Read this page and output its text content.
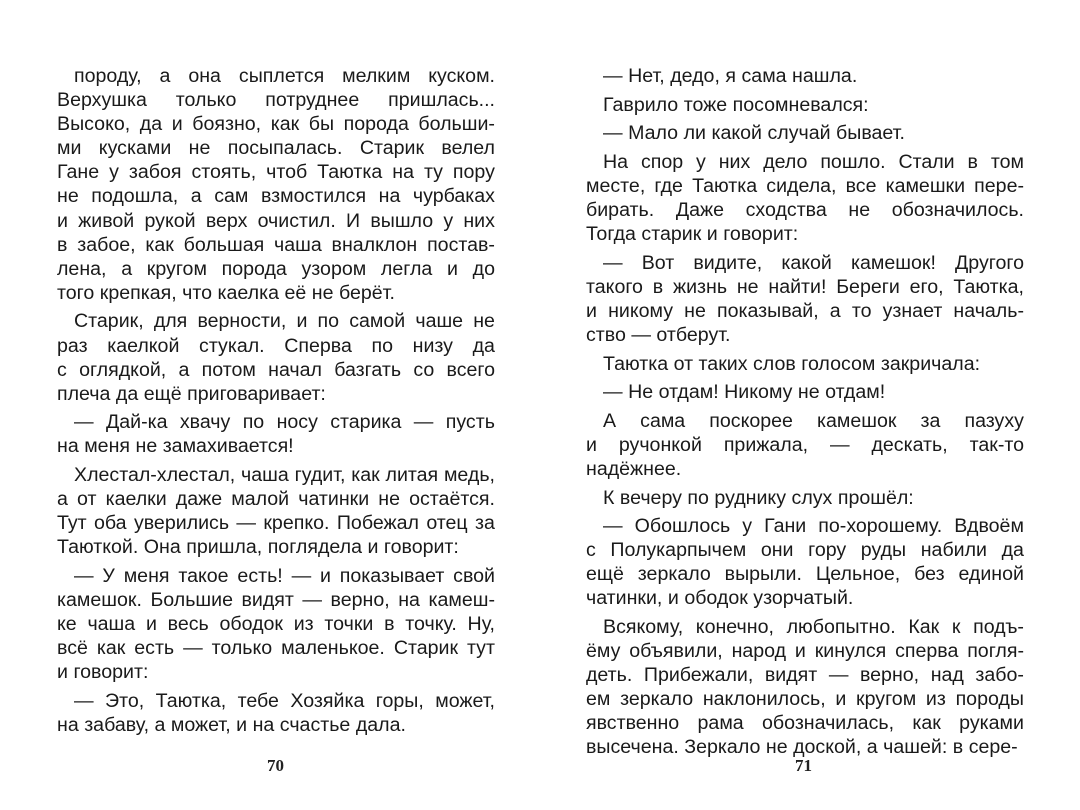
породу, а она сыплется мелким куском.
Верхушка только потруднее пришлась...
Высоко, да и боязно, как бы порода больши-
ми кусками не посыпалась. Старик велел
Гане у забоя стоять, чтоб Таютка на ту пору
не подошла, а сам взмостился на чурбаках
и живой рукой верх очистил. И вышло у них
в забое, как большая чаша вналклон постав-
лена, а кругом порода узором легла и до
того крепкая, что каелка её не берёт.
Старик, для верности, и по самой чаше не
раз каелкой стукал. Сперва по низу да
с оглядкой, а потом начал базгать со всего
плеча да ещё приговаривает:
— Дай-ка хвачу по носу старика — пусть
на меня не замахивается!
Хлестал-хлестал, чаша гудит, как литая медь,
а от каелки даже малой чатинки не остаётся.
Тут оба уверились — крепко. Побежал отец за
Таюткой. Она пришла, поглядела и говорит:
— У меня такое есть! — и показывает свой
камешок. Большие видят — верно, на камеш-
ке чаша и весь ободок из точки в точку. Ну,
всё как есть — только маленькое. Старик тут
и говорит:
— Это, Таютка, тебе Хозяйка горы, может,
на забаву, а может, и на счастье дала.
— Нет, дедо, я сама нашла.
Гаврило тоже посомневался:
— Мало ли какой случай бывает.
На спор у них дело пошло. Стали в том
месте, где Таютка сидела, все камешки пере-
бирать. Даже сходства не обозначилось.
Тогда старик и говорит:
— Вот видите, какой камешок! Другого
такого в жизнь не найти! Береги его, Таютка,
и никому не показывай, а то узнает началь-
ство — отберут.
Таютка от таких слов голосом закричала:
— Не отдам! Никому не отдам!
А сама поскорее камешок за пазуху
и ручонкой прижала, — дескать, так-то
надёжнее.
К вечеру по руднику слух прошёл:
— Обошлось у Гани по-хорошему. Вдвоём
с Полукарпычем они гору руды набили да
ещё зеркало вырыли. Цельное, без единой
чатинки, и ободок узорчатый.
Всякому, конечно, любопытно. Как к подъ-
ёму объявили, народ и кинулся сперва погля-
деть. Прибежали, видят — верно, над забо-
ем зеркало наклонилось, и кругом из породы
явственно рама обозначилась, как руками
высечена. Зеркало не доской, а чашей: в сере-
70	71
